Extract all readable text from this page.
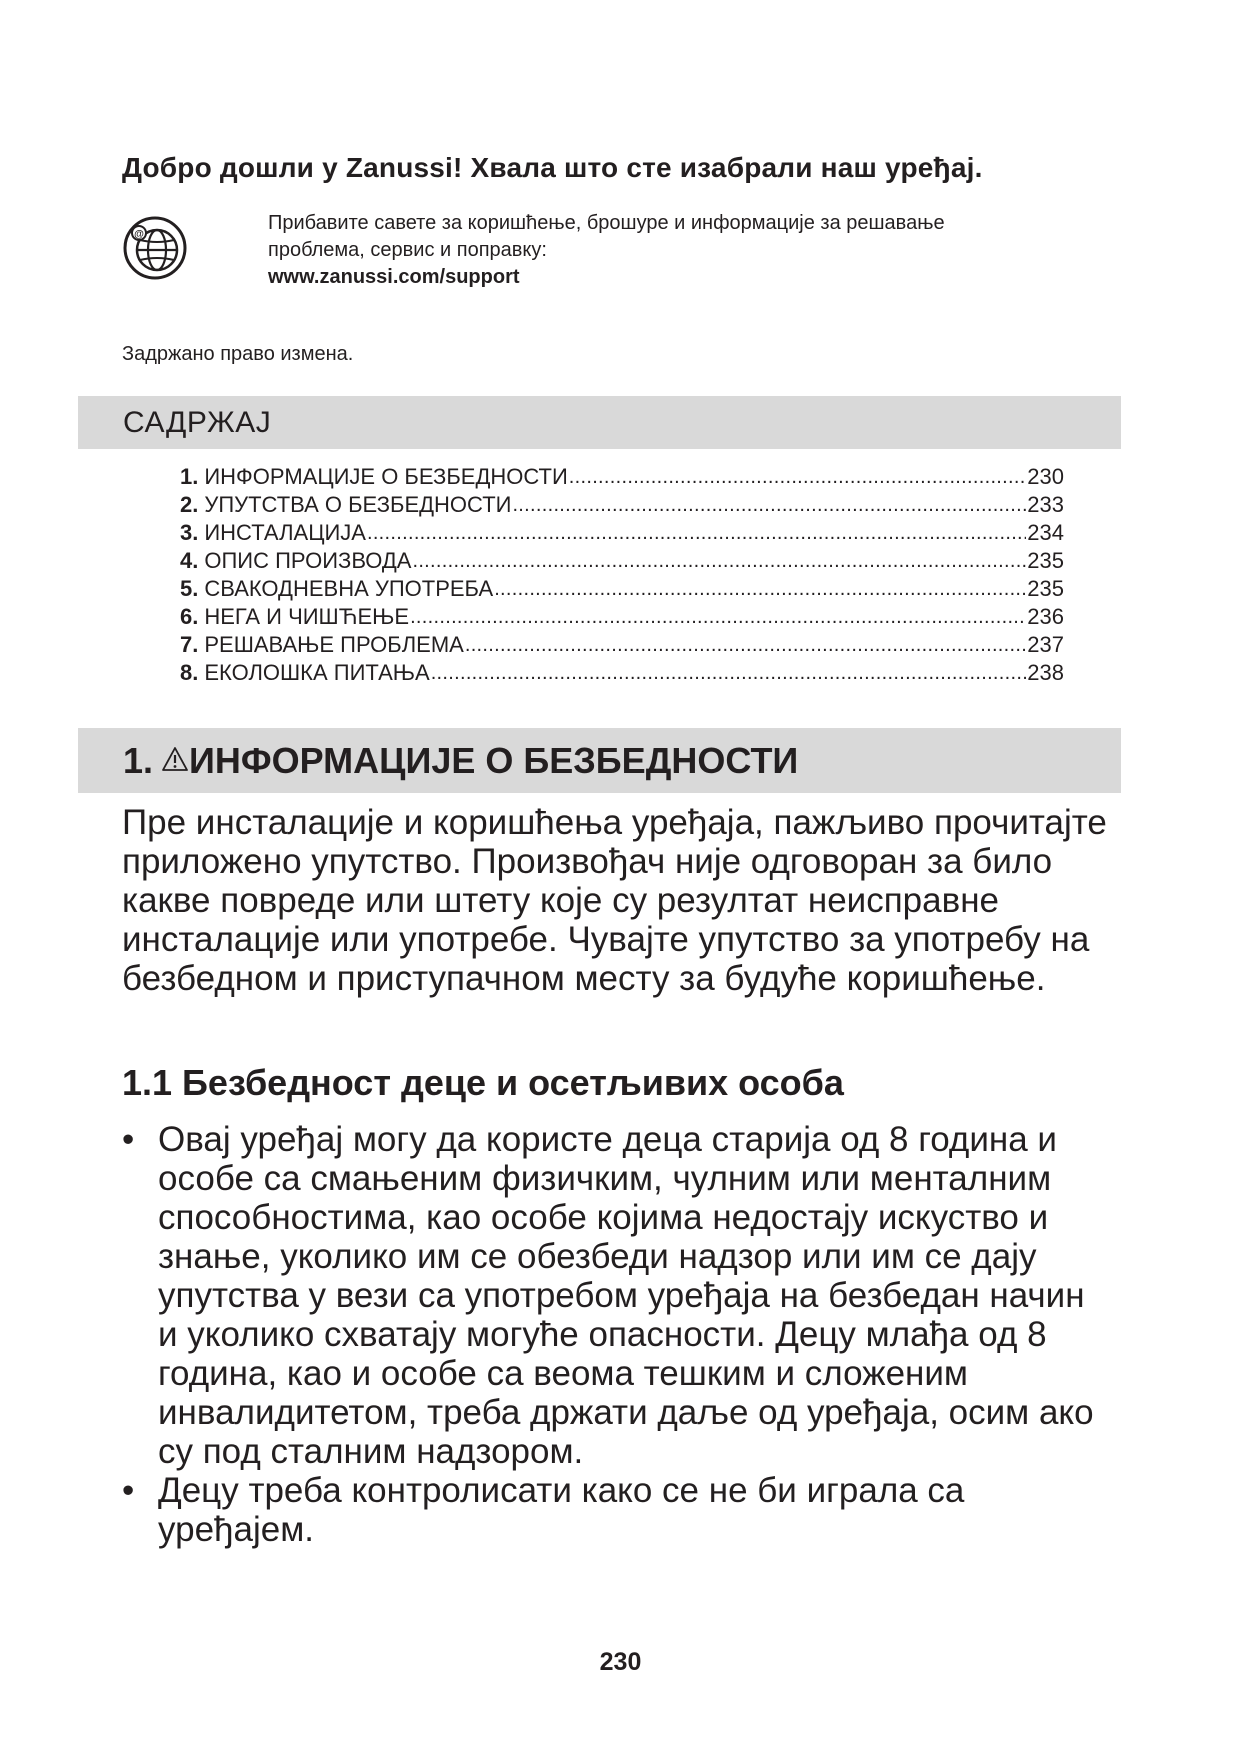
Добро дошли у Zanussi! Хвала што сте изабрали наш уређај.
@
Прибавите савете за коришћење, брошуре и информације за решавање
проблема, сервис и поправку:
www.zanussi.com/support
Задржано право измена.
САДРЖАЈ
1. ИНФОРМАЦИЈЕ О БЕЗБЕДНОСТИ .....	230
2. УПУТСТВА О БЕЗБЕДНОСТИ .....	233
3. ИНСТАЛАЦИЈА .....	234
4. ОПИС ПРОИЗВОДА .....	235
5. СВАКОДНЕВНА УПОТРЕБА .....	235
6. НЕГА И ЧИШЋЕЊЕ .....	236
7. РЕШАВАЊЕ ПРОБЛЕМА .....	237
8. ЕКОЛОШКА ПИТАЊА .....	238
1. ИНФОРМАЦИЈЕ О БЕЗБЕДНОСТИ

Пре инсталације и коришћења уређаја, пажљиво прочитајте приложено упутство. Произвођач није одговоран за било какве повреде или штету које су резултат неисправне инсталације или употребе. Чувајте упутство за употребу на безбедном и приступачном месту за будуће коришћење.

1.1 Безбедност деце и осетљивих особа
• Овај уређај могу да користе деца старија од 8 година и особе са смањеним физичким, чулним или менталним способностима, као особе којима недостају искуство и знање, уколико им се обезбеди надзор или им се дају упутства у вези са употребом уређаја на безбедан начин и уколико схватају могуће опасности. Децу млађа од 8 година, као и особе са веома тешким и сложеним инвалидитетом, треба држати даље од уређаја, осим ако су под сталним надзором.
• Децу треба контролисати како се не би играла са уређајем.
230
